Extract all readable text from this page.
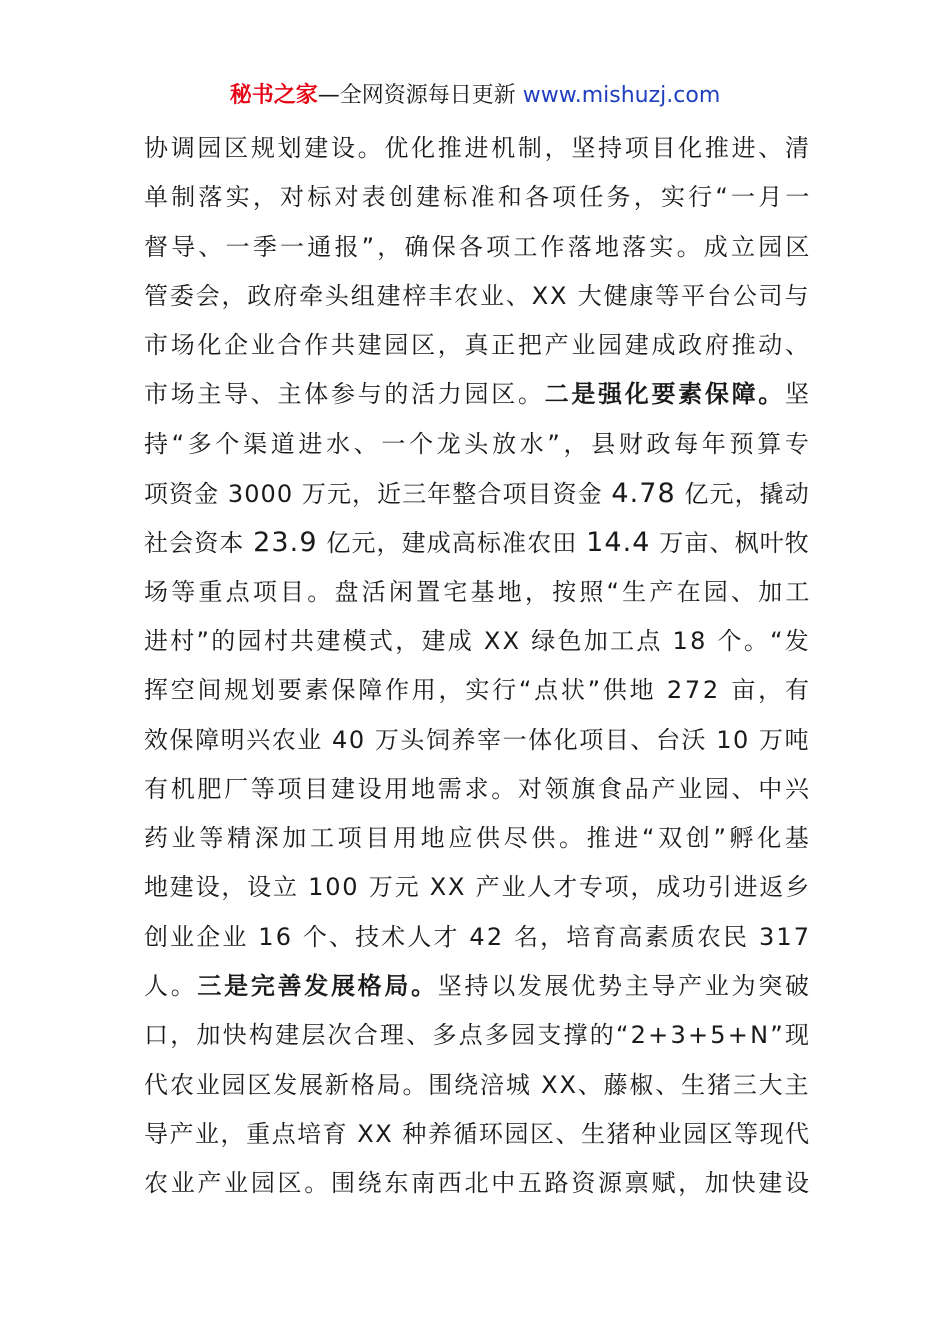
秘书之家—全网资源每日更新 www.mishuzj.com

协调园区规划建设。优化推进机制，坚持项目化推进、清

单制落实，对标对表创建标准和各项任务，实行“一月一

督导、一季一通报”，确保各项工作落地落实。成立园区

管委会，政府牵头组建梓丰农业、XX 大健康等平台公司与

市场化企业合作共建园区，真正把产业园建成政府推动、

市场主导、主体参与的活力园区。二是强化要素保障。坚

持“多个渠道进水、一个龙头放水”，县财政每年预算专

项资金 3000 万元，近三年整合项目资金 4.78 亿元，撬动

社会资本 23.9 亿元，建成高标准农田 14.4 万亩、枫叶牧

场等重点项目。盘活闲置宅基地，按照“生产在园、加工

进村”的园村共建模式，建成 XX 绿色加工点 18 个。“发

挥空间规划要素保障作用，实行“点状”供地 272 亩，有

效保障明兴农业 40 万头饲养宰一体化项目、台沃 10 万吨

有机肥厂等项目建设用地需求。对领旗食品产业园、中兴

药业等精深加工项目用地应供尽供。推进“双创”孵化基

地建设，设立 100 万元 XX 产业人才专项，成功引进返乡

创业企业 16 个、技术人才 42 名，培育高素质农民 317

人。三是完善发展格局。坚持以发展优势主导产业为突破

口，加快构建层次合理、多点多园支撑的“2+3+5+N”现

代农业园区发展新格局。围绕涪城 XX、藤椒、生猪三大主

导产业，重点培育 XX 种养循环园区、生猪种业园区等现代

农业产业园区。围绕东南西北中五路资源禀赋，加快建设
